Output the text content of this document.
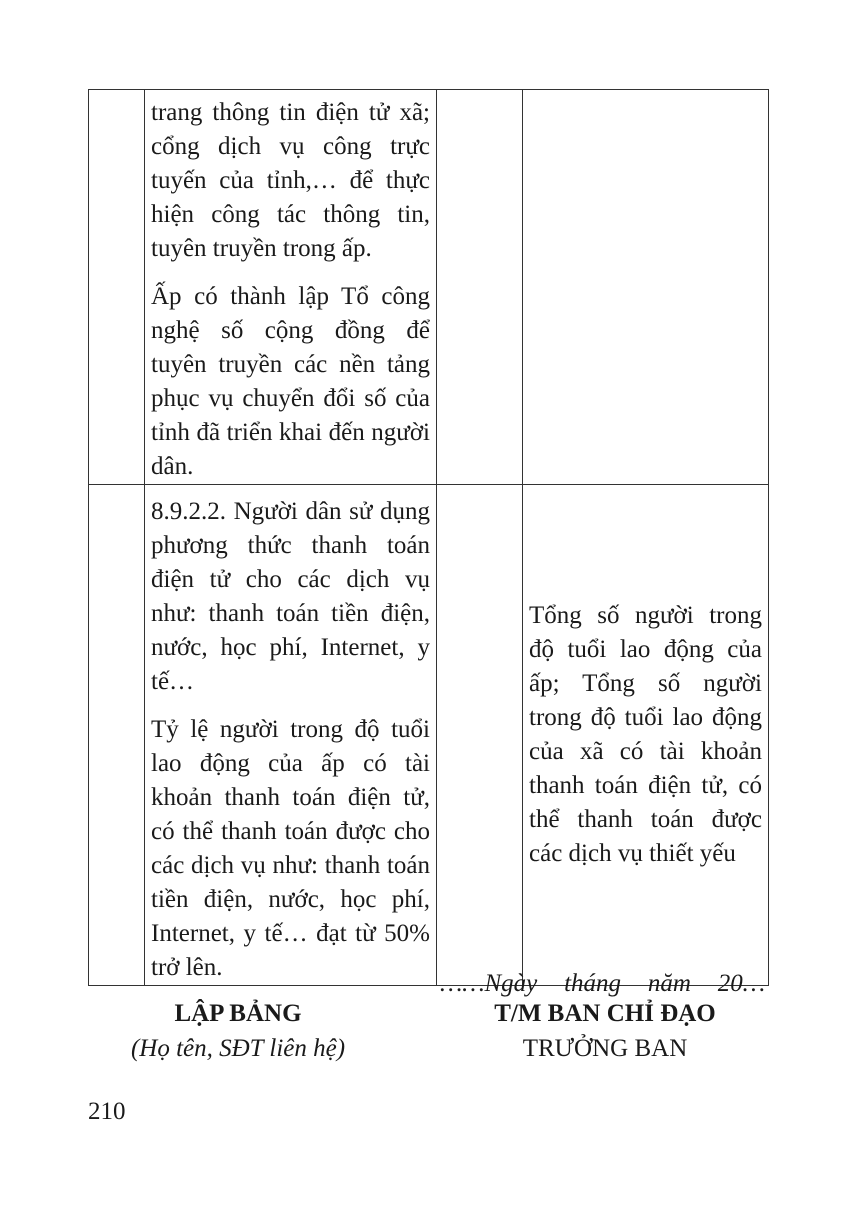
	trang thông tin điện tử xã; cổng dịch vụ công trực tuyến của tỉnh,… để thực hiện công tác thông tin, tuyên truyền trong ấp.
Ấp có thành lập Tổ công nghệ số cộng đồng để tuyên truyền các nền tảng phục vụ chuyển đổi số của tỉnh đã triển khai đến người dân.		

	8.9.2.2. Người dân sử dụng phương thức thanh toán điện tử cho các dịch vụ như: thanh toán tiền điện, nước, học phí, Internet, y tế…
Tỷ lệ người trong độ tuổi lao động của ấp có tài khoản thanh toán điện tử, có thể thanh toán được cho các dịch vụ như: thanh toán tiền điện, nước, học phí, Internet, y tế… đạt từ 50% trở lên.		Tổng số người trong độ tuổi lao động của ấp; Tổng số người trong độ tuổi lao động của xã có tài khoản thanh toán điện tử, có thể thanh toán được các dịch vụ thiết yếu
……Ngày tháng năm 20…
LẬP BẢNG
(Họ tên, SĐT liên hệ)
T/M BAN CHỈ ĐẠO
TRƯỞNG BAN
210
